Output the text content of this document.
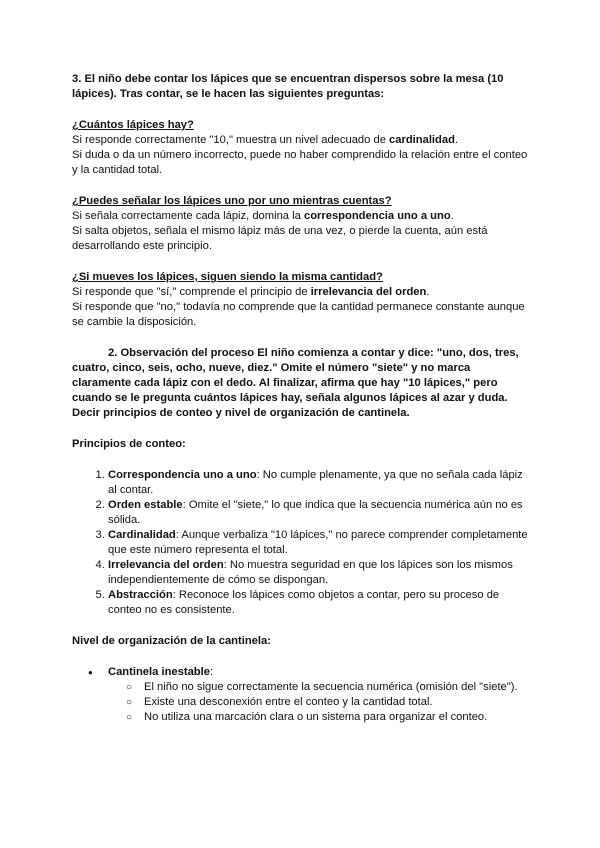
3. El niño debe contar los lápices que se encuentran dispersos sobre la mesa (10 lápices). Tras contar, se le hacen las siguientes preguntas:

¿Cuántos lápices hay?

Si responde correctamente "10," muestra un nivel adecuado de cardinalidad.

Si duda o da un número incorrecto, puede no haber comprendido la relación entre el conteo y la cantidad total.

¿Puedes señalar los lápices uno por uno mientras cuentas?

Si señala correctamente cada lápiz, domina la correspondencia uno a uno.

Si salta objetos, señala el mismo lápiz más de una vez, o pierde la cuenta, aún está desarrollando este principio.

¿Si mueves los lápices, siguen siendo la misma cantidad?

Si responde que "sí," comprende el principio de irrelevancia del orden.

Si responde que "no," todavía no comprende que la cantidad permanece constante aunque se cambie la disposición.

2. Observación del proceso El niño comienza a contar y dice: "uno, dos, tres, cuatro, cinco, seis, ocho, nueve, diez." Omite el número "siete" y no marca claramente cada lápiz con el dedo. Al finalizar, afirma que hay "10 lápices," pero cuando se le pregunta cuántos lápices hay, señala algunos lápices al azar y duda. Decir principios de conteo y nivel de organización de cantinela.

Principios de conteo:

1. Correspondencia uno a uno: No cumple plenamente, ya que no señala cada lápiz al contar.
2. Orden estable: Omite el "siete," lo que indica que la secuencia numérica aún no es sólida.
3. Cardinalidad: Aunque verbaliza "10 lápices," no parece comprender completamente que este número representa el total.
4. Irrelevancia del orden: No muestra seguridad en que los lápices son los mismos independientemente de cómo se dispongan.
5. Abstracción: Reconoce los lápices como objetos a contar, pero su proceso de conteo no es consistente.

Nivel de organización de la cantinela:

● Cantinela inestable:
○ El niño no sigue correctamente la secuencia numérica (omisión del "siete").
○ Existe una desconexión entre el conteo y la cantidad total.
○ No utiliza una marcación clara o un sistema para organizar el conteo.
